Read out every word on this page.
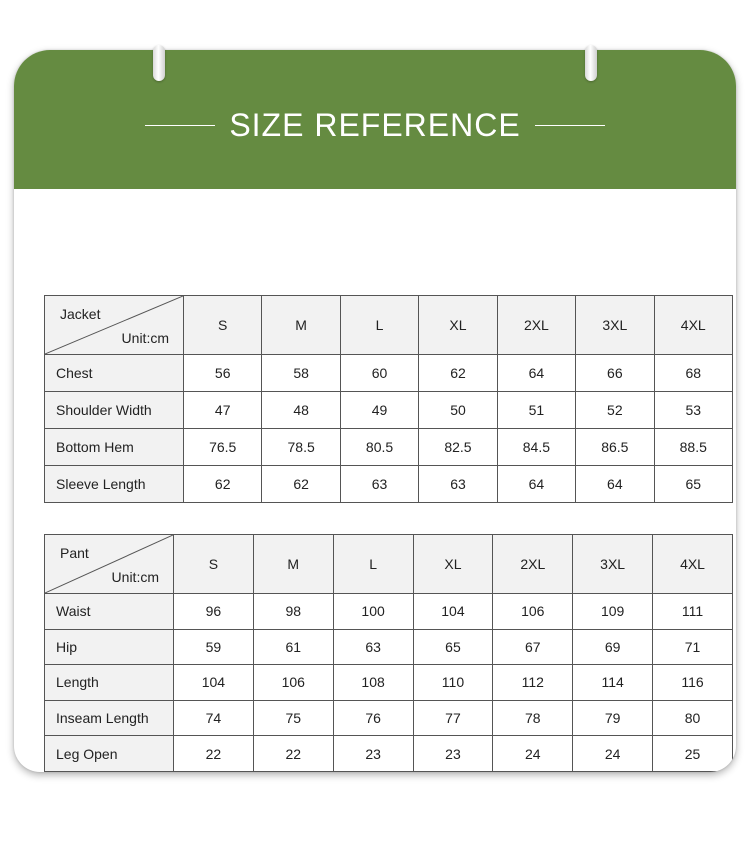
SIZE REFERENCE
Jacket
Unit:cm	S	M	L	XL	2XL	3XL	4XL
Chest	56	58	60	62	64	66	68
Shoulder Width	47	48	49	50	51	52	53
Bottom Hem	76.5	78.5	80.5	82.5	84.5	86.5	88.5
Sleeve Length	62	62	63	63	64	64	65
Pant
Unit:cm	S	M	L	XL	2XL	3XL	4XL
Waist	96	98	100	104	106	109	111
Hip	59	61	63	65	67	69	71
Length	104	106	108	110	112	114	116
Inseam Length	74	75	76	77	78	79	80
Leg Open	22	22	23	23	24	24	25
